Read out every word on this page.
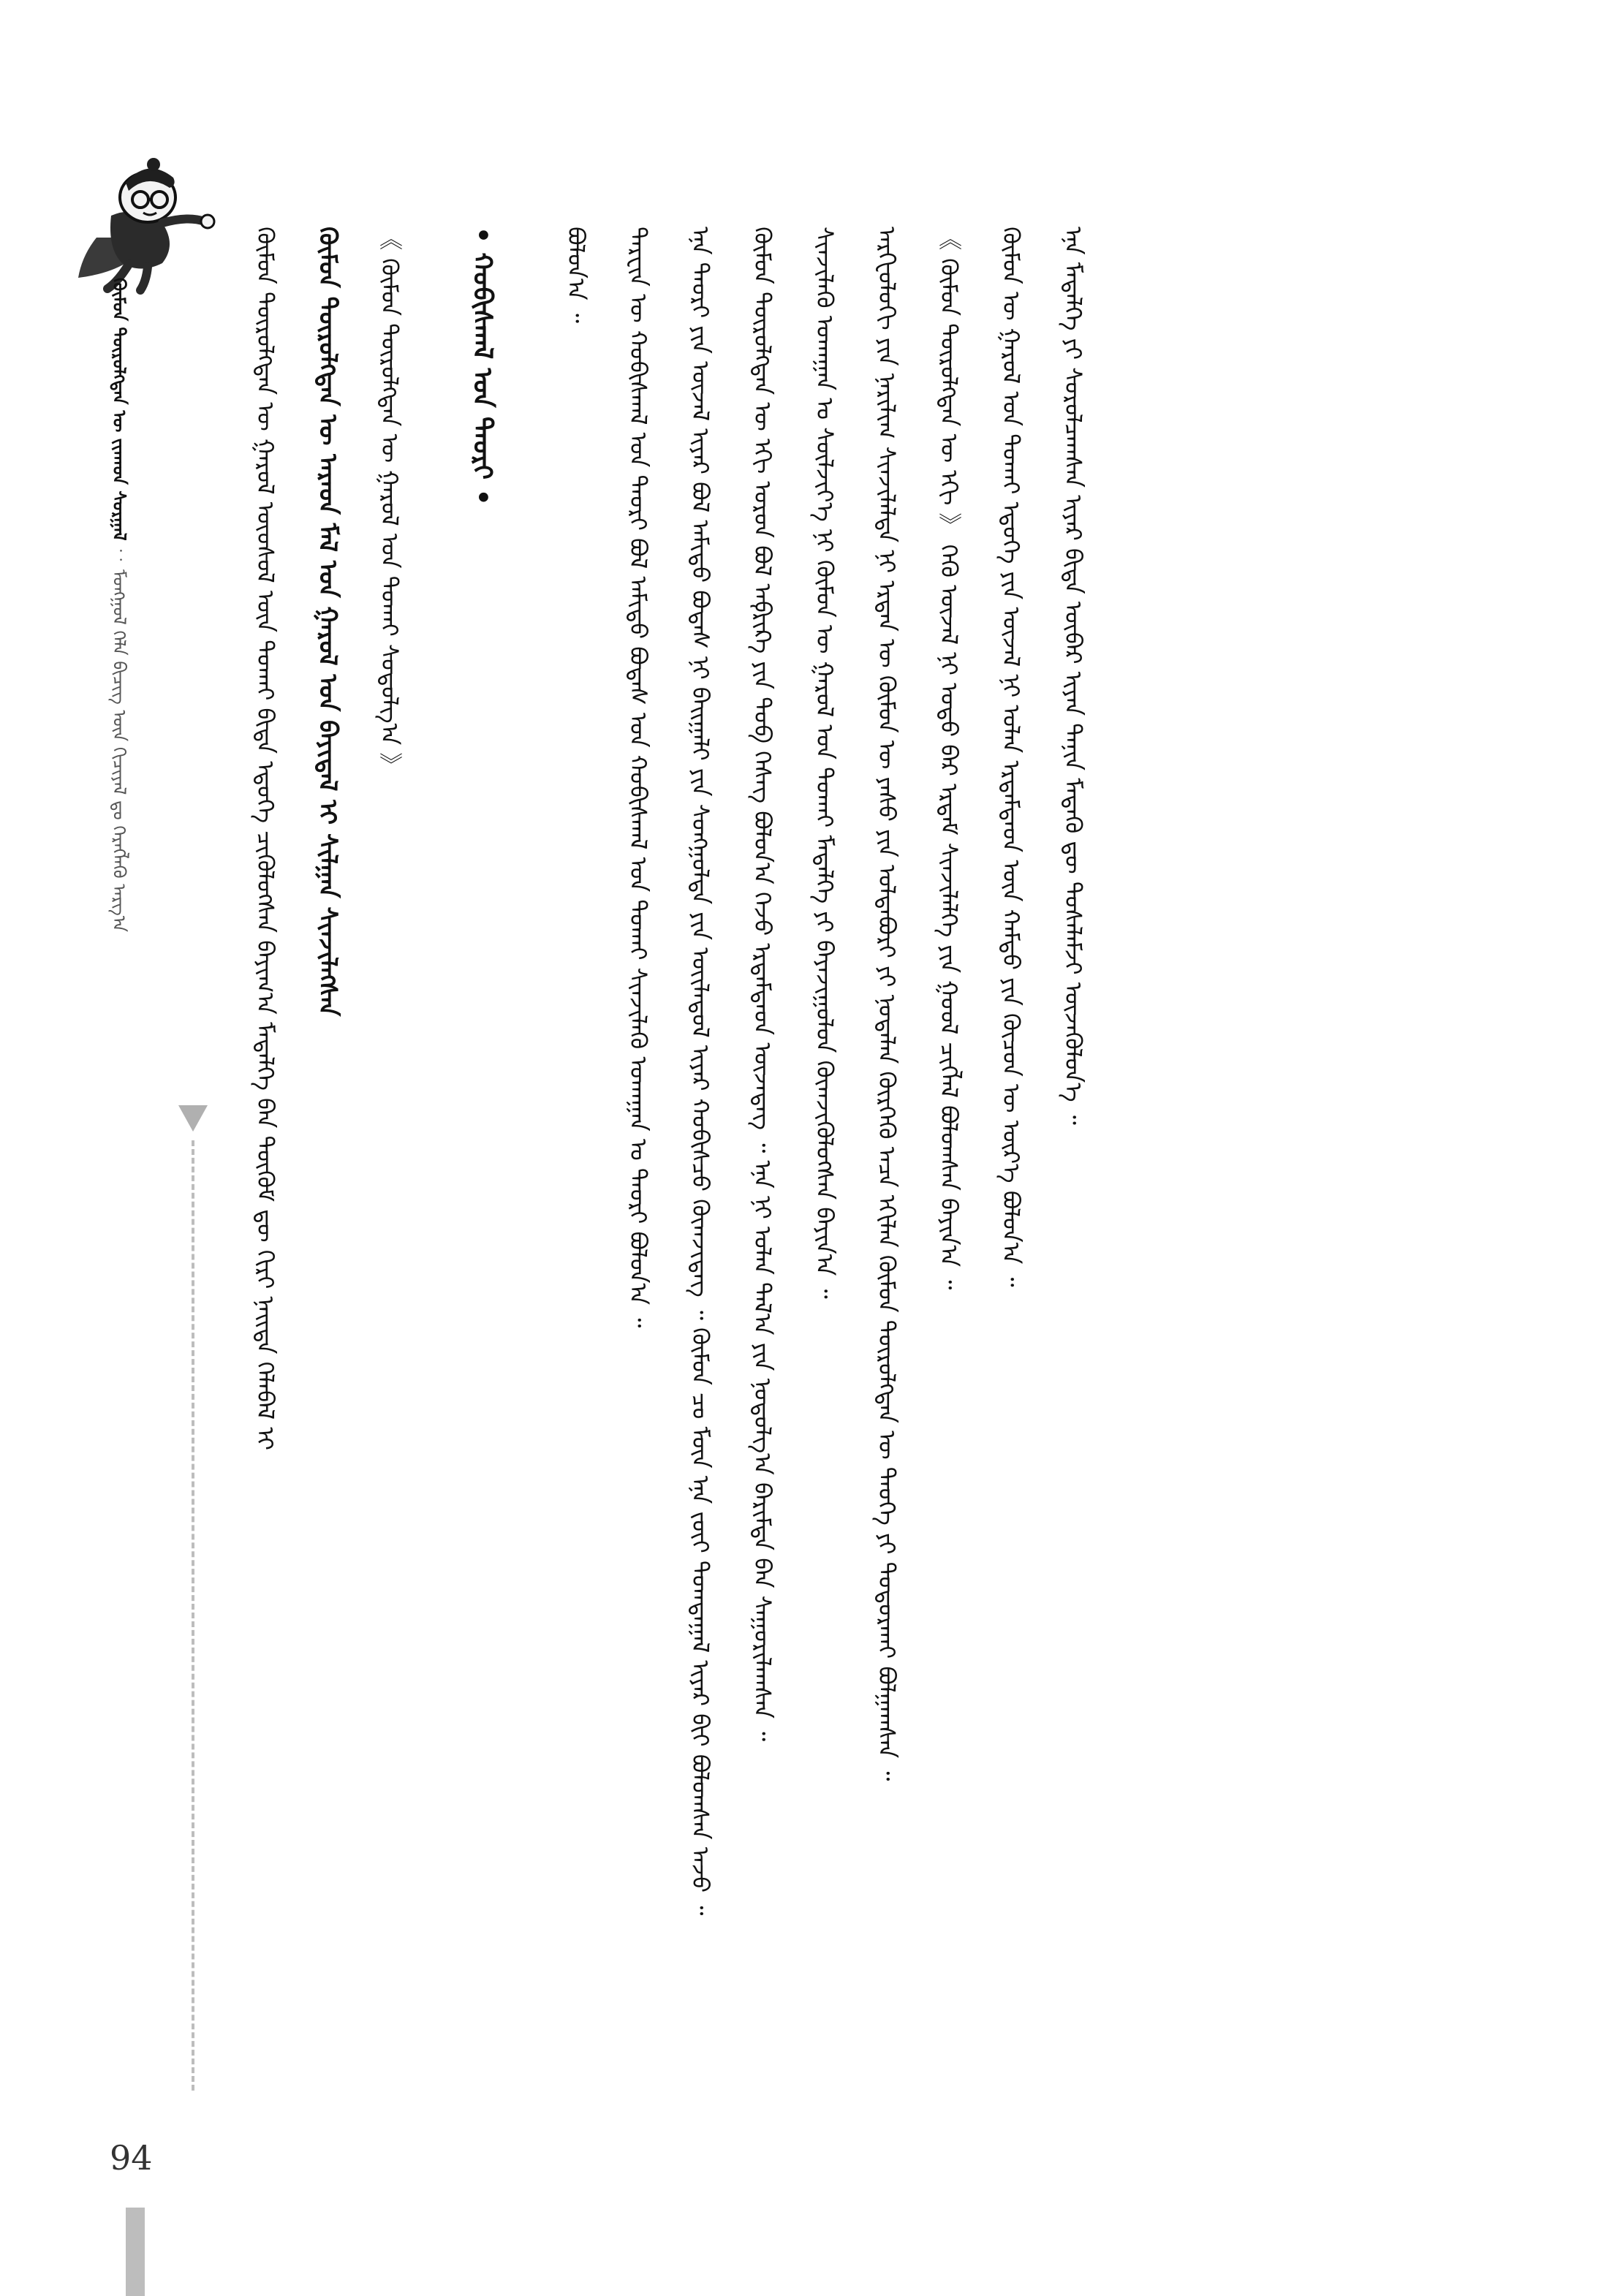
ᠬᠦᠮᠦᠨ ᠲᠦᠷᠦᠯᠬᠲᠡᠨ ᠦ ᠵᠢᠬᠠᠳ ᠰᠤᠷᠭᠠᠯ ︰ ᠮᠤᠩᠭᠤᠯ ᠬᠡᠯᠡ ᠪᠢᠴᠢᠭ ᠦᠨ ᠬᠢᠴᠢᠶᠡᠯ ᠳᠤ ᠬᠡᠷᠡᠭᠯᠡᠬᠦ ᠠᠷᠭ᠎ᠠ	ᠬᠦᠮᠦᠨ ᠲᠦᠷᠦᠯᠬᠲᠡᠨ ᠦ ᠭᠠᠷᠤᠯ ᠦᠦᠰᠦᠯ ᠦᠨ ᠲᠤᠬᠠᠢ ᠪᠢᠳᠡ ᠡᠳᠦᠭᠡ ᠴᠢᠭᠦᠯᠦᠭᠰᠡᠨ ᠪᠠᠶᠢᠭ᠎ᠠ ᠮᠡᠳᠡᠯᠭᠡ ᠪᠠᠨ ᠳᠦᠭᠦᠮ ᠳᠦ ᠬᠢᠷᠢ ᠨᠡᠢᠲᠡ ᠬᠡᠯᠡᠪᠡᠯ ᠢ	ᠬᠦᠮᠦᠨ ᠲᠦᠷᠦᠯᠬᠲᠡᠨ ᠦ ᠠᠷᠠᠳ ᠮᠠᠯ ᠤᠨ ᠭᠠᠷᠤᠯ ᠤᠨ ᠪᠠᠶᠢᠳᠠᠯ ᠢ ᠰᠢᠯᠭᠠᠨ ᠰᠢᠨᠵᠢᠯᠡᠭᠰᠡᠨ	《 ᠬᠦᠮᠦᠨ ᠲᠦᠷᠦᠯᠬᠲᠡᠨ ᠦ ᠭᠠᠷᠤᠯ ᠤᠨ ᠲᠤᠬᠠᠢ ᠰᠤᠳᠤᠯᠭ᠎ᠠ 》	• ᠬᠤᠪᠢᠰᠬᠠᠯ ᠤᠨ ᠲᠡᠤᠷᠢ •	ᠪᠣᠯᠤᠨ᠎ᠠ ᠃	ᠳᠠᠷᠸᠢᠨ ᠦ ᠬᠤᠪᠢᠰᠬᠠᠯ ᠤᠨ ᠲᠡᠤᠷᠢ ᠪᠣᠯ ᠠᠮᠢᠳᠤ ᠪᠣᠳᠠᠰ ᠤᠨ ᠬᠤᠪᠢᠰᠬᠠᠯ ᠤᠨ ᠲᠤᠬᠠᠢ ᠰᠢᠨᠵᠢᠯᠡᠬᠦ ᠤᠬᠠᠭᠠᠨ ᠤ ᠲᠡᠤᠷᠢ ᠪᠣᠯᠤᠨ᠎ᠠ ᠃	ᠡᠨᠡ ᠲᠡᠤᠷᠢ ᠶᠢᠨ ᠦᠵᠡᠯ ᠢᠶᠡᠷ ᠪᠣᠯ ᠠᠮᠢᠳᠤ ᠪᠣᠳᠠᠰ ᠨᠢ ᠪᠠᠢᠭᠠᠯᠢ ᠶᠢᠨ ᠰᠤᠩᠭᠤᠯᠲᠠ ᠶᠢᠨ ᠦᠢᠯᠡᠳᠦᠯ ᠢᠶᠡᠷ ᠬᠤᠪᠢᠰᠴᠤ ᠬᠦᠭ᠍ᠵᠢᠳᠡᠭ ᠃ ᠬᠦᠮᠦᠨ ᠴᠤ ᠮᠦᠨ ᠡᠨᠡ ᠵᠦᠢ ᠲᠣᠭᠲᠠᠭᠠᠯ ᠢᠶᠠᠷ ᠪᠢᠢ ᠪᠣᠯᠤᠭᠰᠠᠨ ᠠᠵᠤ ᠃	ᠬᠦᠮᠦᠨ ᠲᠦᠷᠦᠯᠬᠲᠡᠨ ᠦ ᠡᠬᠢ ᠣᠷᠣᠨ ᠪᠣᠯ ᠠᠹᠷᠢᠺᠠ ᠶᠢᠨ ᠲᠣᠪ ᠬᠡᠰᠡᠭ ᠪᠣᠯᠤᠨ᠎ᠠ ᠭᠡᠵᠦ ᠡᠷᠳᠡᠮᠲᠡᠳ ᠦᠵᠡᠳᠡᠭ ᠃ ᠡᠨᠡ ᠨᠢ ᠣᠯᠠᠨ ᠲᠠᠯ᠎ᠠ ᠶᠢᠨ ᠨᠣᠳᠤᠯᠭ᠎ᠠ ᠪᠠᠷᠢᠮᠲᠠ ᠪᠠᠨ ᠰᠠᠭᠤᠷᠢᠯᠠᠭᠰᠠᠨ ᠃	ᠰᠢᠨᠵᠢᠯᠡᠬᠦ ᠤᠬᠠᠭᠠᠨ ᠤ ᠰᠦᠯᠵᠢᠶ᠎ᠡ ᠨᠢ ᠬᠦᠮᠦᠨ ᠦ ᠭᠠᠷᠤᠯ ᠤᠨ ᠲᠤᠬᠠᠢ ᠮᠡᠳᠡᠯᠭᠡ ᠶᠢ ᠪᠠᠶᠠᠵᠢᠭᠤᠯᠤᠨ ᠬᠦᠭ᠍ᠵᠢᠭᠦᠯᠦᠭᠰᠡᠨ ᠪᠠᠶᠢᠨ᠎ᠠ ᠃	ᠠᠷᠬᠧᠣᠯᠣᠭᠢ ᠶᠢᠨ ᠨᠠᠷᠢᠯᠢᠭ ᠰᠢᠨᠵᠢᠯᠡᠯᠲᠡ ᠨᠢ ᠡᠷᠲᠡᠨ ᠦ ᠬᠦᠮᠦᠨ ᠦ ᠶᠠᠰᠤ ᠶᠢᠨ ᠣᠯᠳᠠᠪᠤᠷᠢ ᠶᠢ ᠨᠣᠲᠠᠯᠠᠨ ᠬᠦᠷᠭᠡᠬᠦ ᠠᠴᠠ ᠡᠬᠢᠯᠡᠨ ᠬᠦᠮᠦᠨ ᠲᠦᠷᠦᠯᠬᠲᠡᠨ ᠦ ᠲᠡᠦᠬᠡ ᠶᠢ ᠲᠣᠳᠤᠷᠬᠠᠢ ᠪᠣᠯᠭᠠᠭᠰᠠᠨ ᠃	《 ᠬᠦᠮᠦᠨ ᠲᠦᠷᠦᠯᠬᠲᠡᠨ ᠦ ᠡᠬᠢ 》 ᠭᠡᠬᠦ ᠦᠵᠡᠯ ᠨᠢ ᠣᠳᠣ ᠪᠠᠷ ᠡᠷᠳᠡᠮ ᠰᠢᠨᠵᠢᠯᠡᠯᠭᠡ ᠶᠢᠨ ᠭᠣᠣᠯ ᠴᠢᠭᠯᠡᠯ ᠪᠣᠯᠤᠭᠰᠠᠨ ᠪᠠᠶᠢᠨ᠎ᠠ ᠃	ᠬᠦᠮᠦᠨ ᠦ ᠭᠠᠷᠤᠯ ᠤᠨ ᠲᠤᠬᠠᠢ ᠡᠳᠦᠭᠡ ᠶᠢᠨ ᠦᠵᠡᠯ ᠨᠢ ᠣᠯᠠᠨ ᠡᠷᠳᠡᠮᠲᠡᠳ ᠦᠨ ᠬᠠᠮᠲᠤ ᠶᠢᠨ ᠬᠦᠴᠦᠨ ᠦ ᠦᠷ᠎ᠡ ᠪᠣᠯᠤᠨ᠎ᠠ ᠃	ᠡᠨᠡ ᠮᠡᠳᠡᠯᠭᠡ ᠶᠢ ᠰᠤᠷᠤᠯᠴᠠᠭᠰᠠᠨ ᠢᠶᠡᠷ ᠪᠢᠳᠡ ᠥᠪᠡᠷ ᠢᠶᠡᠨ ᠲᠠᠨᠢᠨ ᠮᠡᠳᠡᠬᠦ ᠳᠦ ᠲᠤᠰᠠᠯᠠᠮᠵᠢ ᠦᠵᠡᠭᠦᠯᠦᠨ᠎ᠡ ᠃

94
